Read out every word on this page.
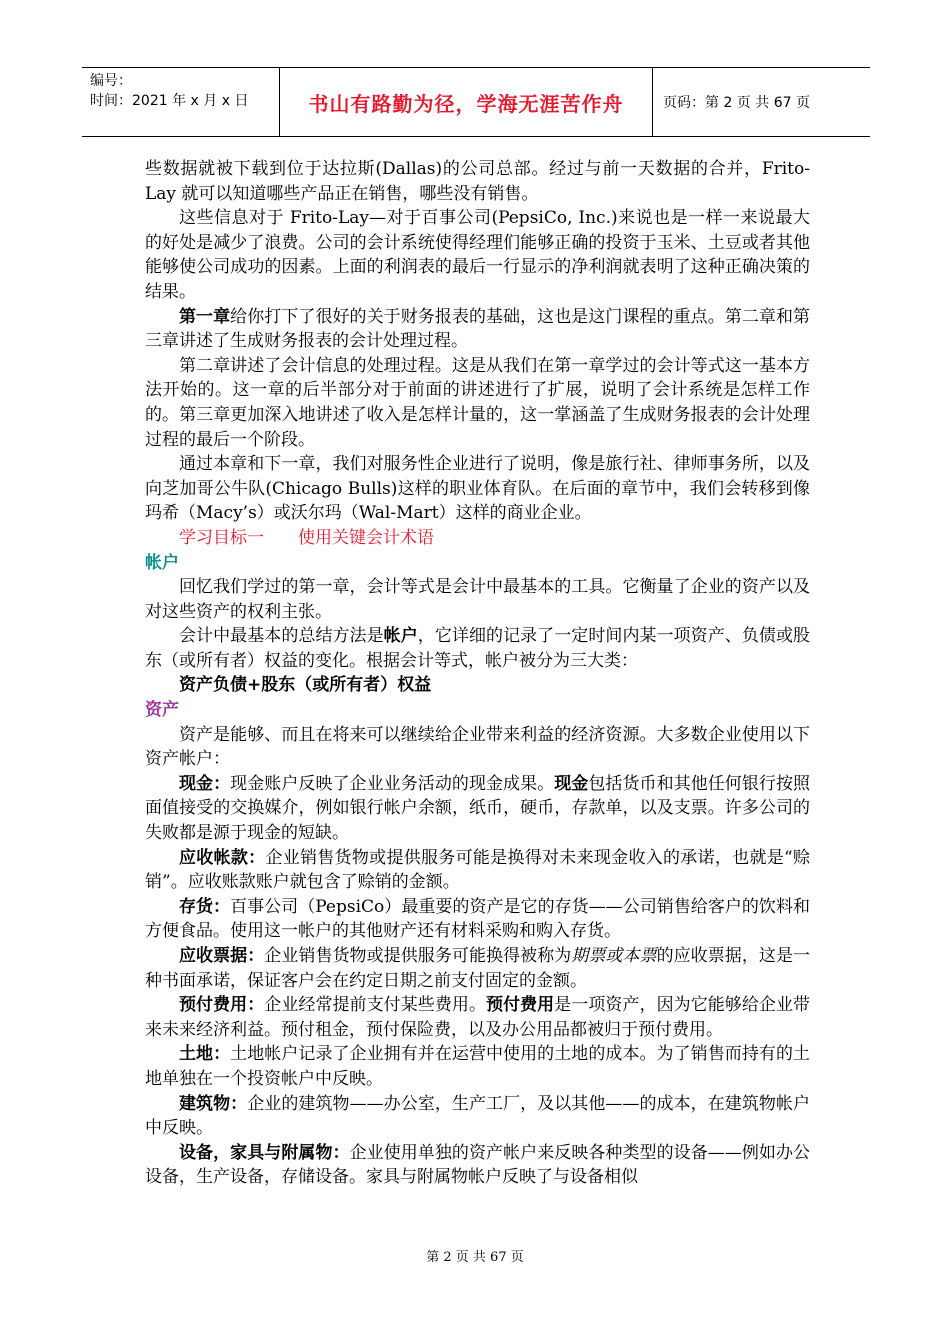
编号：
时间：2021 年 x 月 x 日	书山有路勤为径，学海无涯苦作舟	页码：第 2 页 共 67 页

些数据就被下载到位于达拉斯(Dallas)的公司总部。经过与前一天数据的合并，Frito-Lay 就可以知道哪些产品正在销售，哪些没有销售。

这些信息对于 Frito-Lay—对于百事公司(PepsiCo, Inc.)来说也是一样一来说最大的好处是减少了浪费。公司的会计系统使得经理们能够正确的投资于玉米、土豆或者其他能够使公司成功的因素。上面的利润表的最后一行显示的净利润就表明了这种正确决策的结果。

第一章给你打下了很好的关于财务报表的基础，这也是这门课程的重点。第二章和第三章讲述了生成财务报表的会计处理过程。

第二章讲述了会计信息的处理过程。这是从我们在第一章学过的会计等式这一基本方法开始的。这一章的后半部分对于前面的讲述进行了扩展，说明了会计系统是怎样工作的。第三章更加深入地讲述了收入是怎样计量的，这一掌涵盖了生成财务报表的会计处理过程的最后一个阶段。

通过本章和下一章，我们对服务性企业进行了说明，像是旅行社、律师事务所，以及向芝加哥公牛队(Chicago Bulls)这样的职业体育队。在后面的章节中，我们会转移到像玛希（Macy’s）或沃尔玛（Wal-Mart）这样的商业企业。

学习目标一 使用关键会计术语
帐户

回忆我们学过的第一章，会计等式是会计中最基本的工具。它衡量了企业的资产以及对这些资产的权利主张。

会计中最基本的总结方法是帐户，它详细的记录了一定时间内某一项资产、负债或股东（或所有者）权益的变化。根据会计等式，帐户被分为三大类：

资产负债+股东（或所有者）权益
资产

资产是能够、而且在将来可以继续给企业带来利益的经济资源。大多数企业使用以下资产帐户：

现金：现金账户反映了企业业务活动的现金成果。现金包括货币和其他任何银行按照面值接受的交换媒介，例如银行帐户余额，纸币，硬币，存款单，以及支票。许多公司的失败都是源于现金的短缺。

应收帐款：企业销售货物或提供服务可能是换得对未来现金收入的承诺，也就是“赊销”。应收账款账户就包含了赊销的金额。

存货：百事公司（PepsiCo）最重要的资产是它的存货——公司销售给客户的饮料和方便食品。使用这一帐户的其他财产还有材料采购和购入存货。

应收票据：企业销售货物或提供服务可能换得被称为期票或本票的应收票据，这是一种书面承诺，保证客户会在约定日期之前支付固定的金额。

预付费用：企业经常提前支付某些费用。预付费用是一项资产，因为它能够给企业带来未来经济利益。预付租金，预付保险费，以及办公用品都被归于预付费用。

土地：土地帐户记录了企业拥有并在运营中使用的土地的成本。为了销售而持有的土地单独在一个投资帐户中反映。

建筑物：企业的建筑物——办公室，生产工厂，及以其他——的成本，在建筑物帐户中反映。

设备，家具与附属物：企业使用单独的资产帐户来反映各种类型的设备——例如办公设备，生产设备，存储设备。家具与附属物帐户反映了与设备相似

第 2 页 共 67 页
